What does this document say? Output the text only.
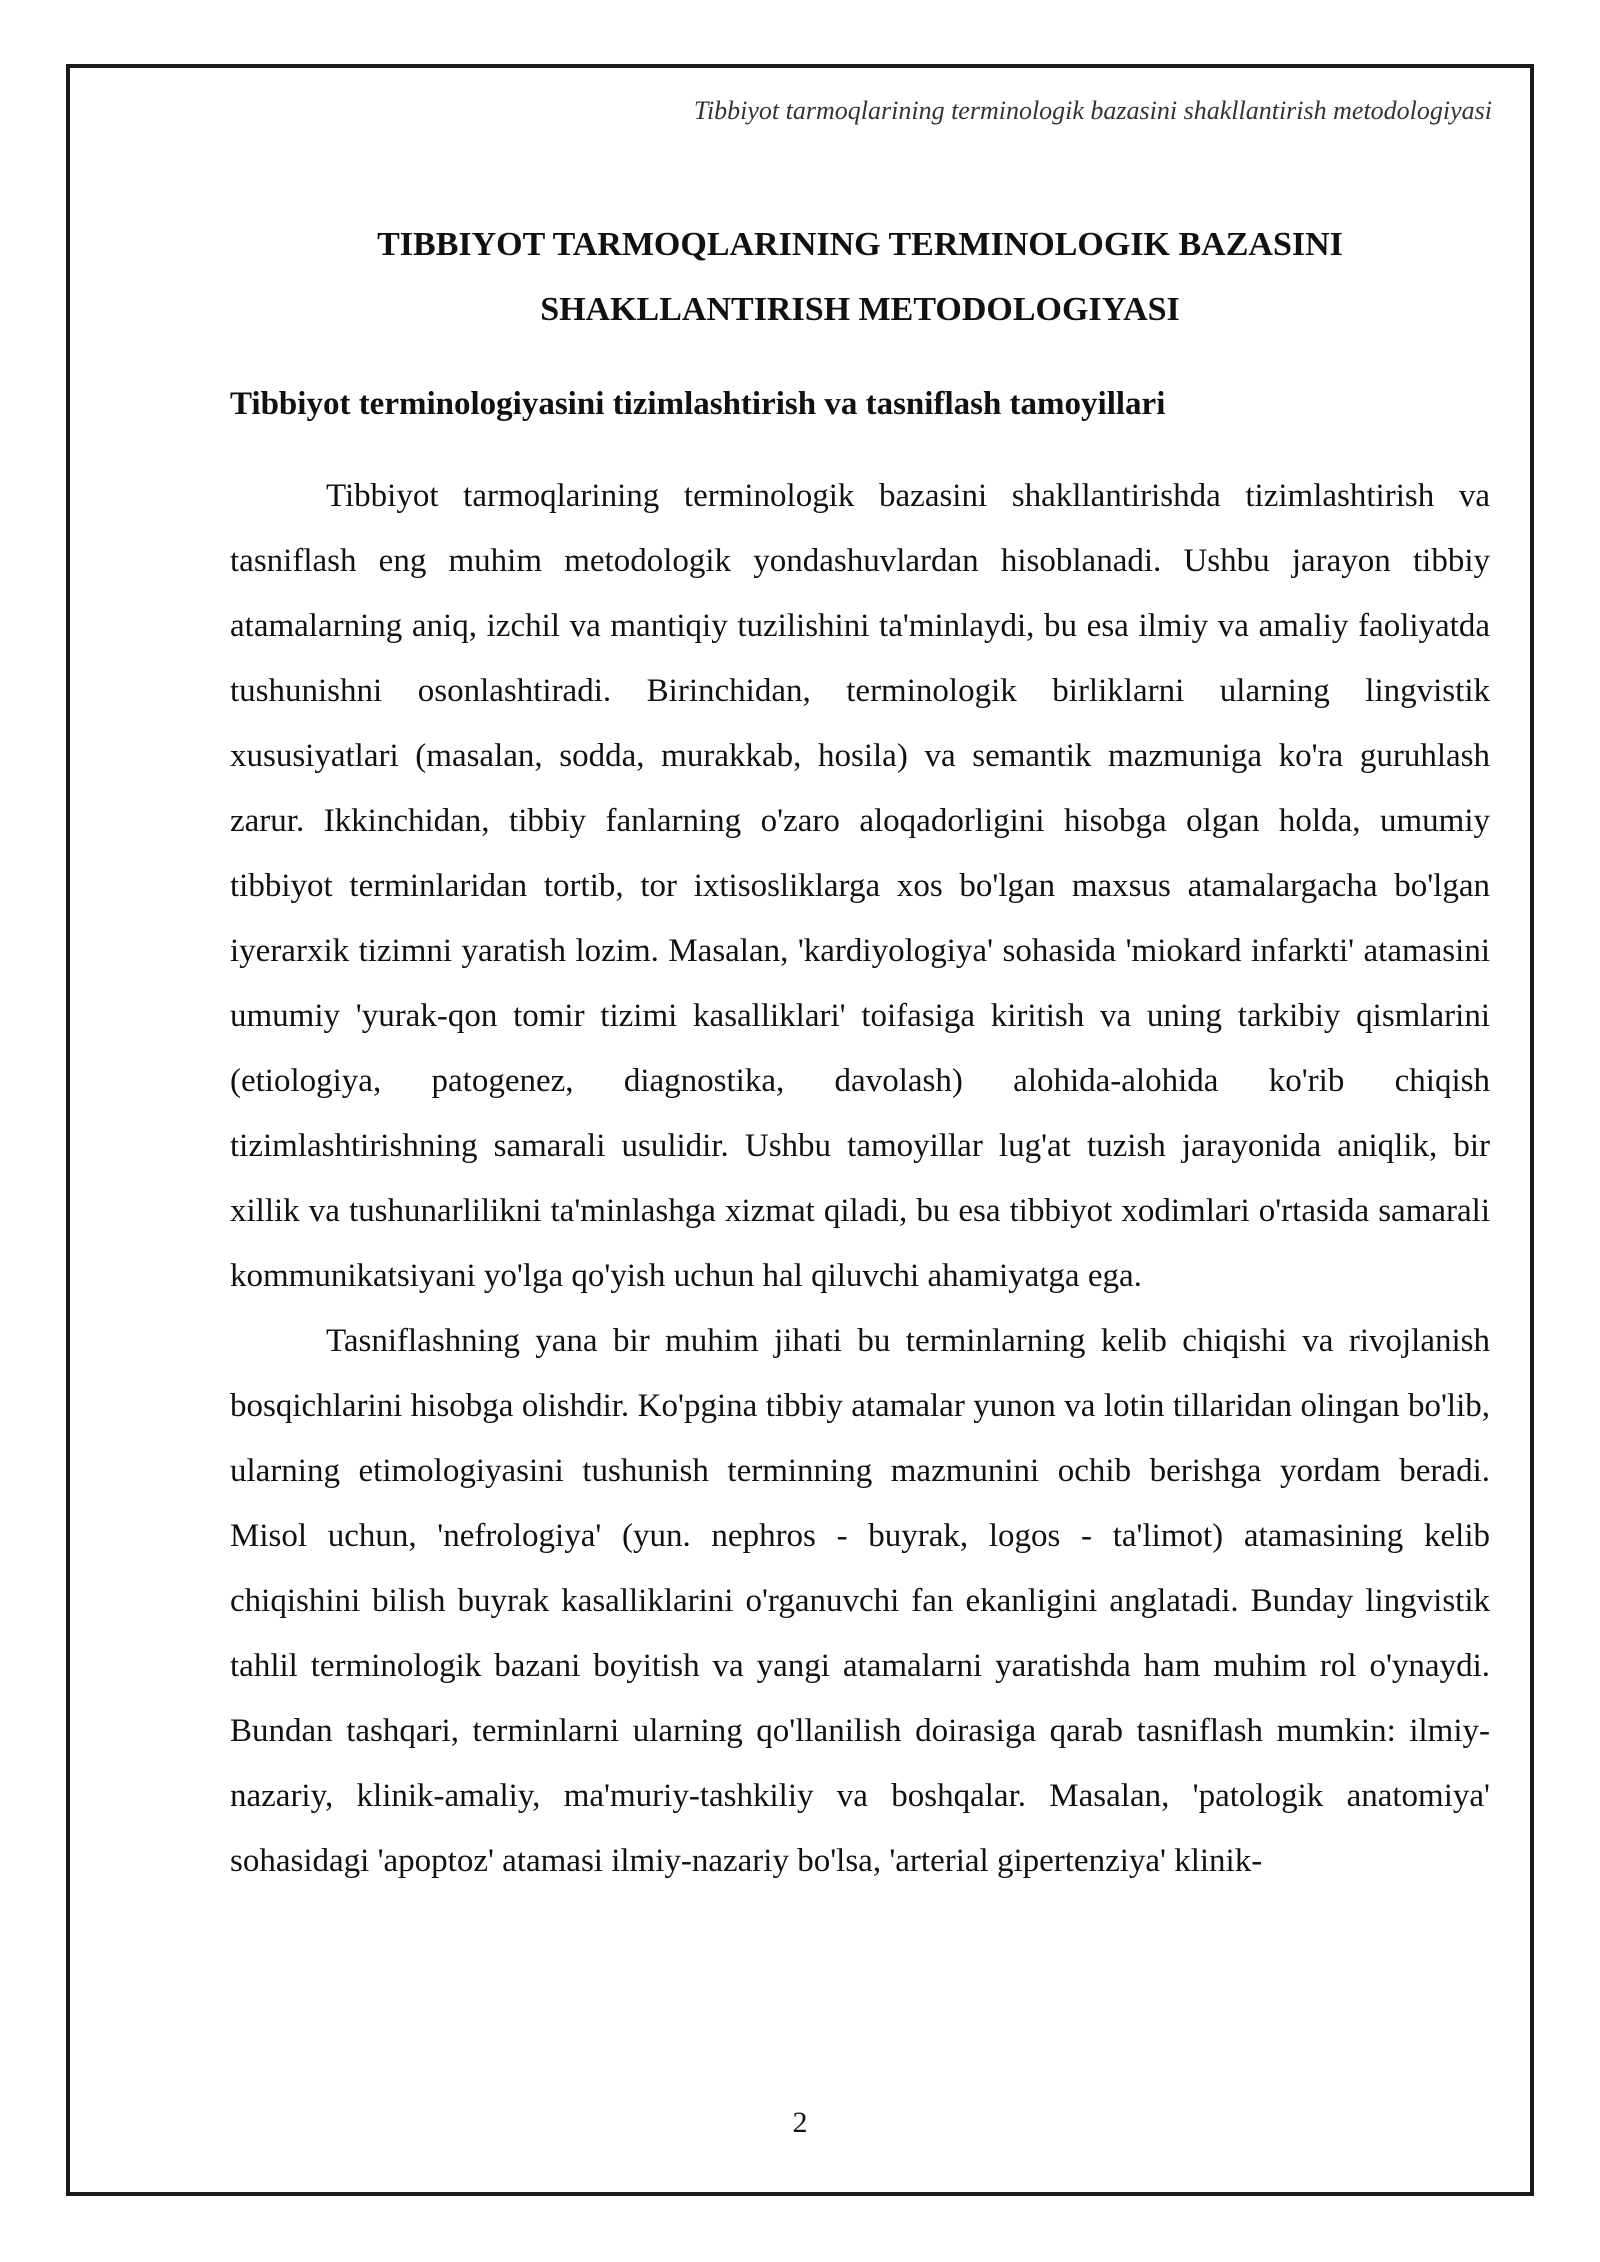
Tibbiyot tarmoqlarining terminologik bazasini shakllantirish metodologiyasi
TIBBIYOT TARMOQLARINING TERMINOLOGIK BAZASINI
SHAKLLANTIRISH METODOLOGIYASI
Tibbiyot terminologiyasini tizimlashtirish va tasniflash tamoyillari

Tibbiyot tarmoqlarining terminologik bazasini shakllantirishda tizimlashtirish va tasniflash eng muhim metodologik yondashuvlardan hisoblanadi. Ushbu jarayon tibbiy atamalarning aniq, izchil va mantiqiy tuzilishini ta'minlaydi, bu esa ilmiy va amaliy faoliyatda tushunishni osonlashtiradi. Birinchidan, terminologik birliklarni ularning lingvistik xususiyatlari (masalan, sodda, murakkab, hosila) va semantik mazmuniga ko'ra guruhlash zarur. Ikkinchidan, tibbiy fanlarning o'zaro aloqadorligini hisobga olgan holda, umumiy tibbiyot terminlaridan tortib, tor ixtisosliklarga xos bo'lgan maxsus atamalargacha bo'lgan iyerarxik tizimni yaratish lozim. Masalan, 'kardiyologiya' sohasida 'miokard infarkti' atamasini umumiy 'yurak-qon tomir tizimi kasalliklari' toifasiga kiritish va uning tarkibiy qismlarini (etiologiya, patogenez, diagnostika, davolash) alohida-alohida ko'rib chiqish tizimlashtirishning samarali usulidir. Ushbu tamoyillar lug'at tuzish jarayonida aniqlik, bir xillik va tushunarlilikni ta'minlashga xizmat qiladi, bu esa tibbiyot xodimlari o'rtasida samarali kommunikatsiyani yo'lga qo'yish uchun hal qiluvchi ahamiyatga ega.

Tasniflashning yana bir muhim jihati bu terminlarning kelib chiqishi va rivojlanish bosqichlarini hisobga olishdir. Ko'pgina tibbiy atamalar yunon va lotin tillaridan olingan bo'lib, ularning etimologiyasini tushunish terminning mazmunini ochib berishga yordam beradi. Misol uchun, 'nefrologiya' (yun. nephros - buyrak, logos - ta'limot) atamasining kelib chiqishini bilish buyrak kasalliklarini o'rganuvchi fan ekanligini anglatadi. Bunday lingvistik tahlil terminologik bazani boyitish va yangi atamalarni yaratishda ham muhim rol o'ynaydi. Bundan tashqari, terminlarni ularning qo'llanilish doirasiga qarab tasniflash mumkin: ilmiy-nazariy, klinik-amaliy, ma'muriy-tashkiliy va boshqalar. Masalan, 'patologik anatomiya' sohasidagi 'apoptoz' atamasi ilmiy-nazariy bo'lsa, 'arterial gipertenziya' klinik-

2
